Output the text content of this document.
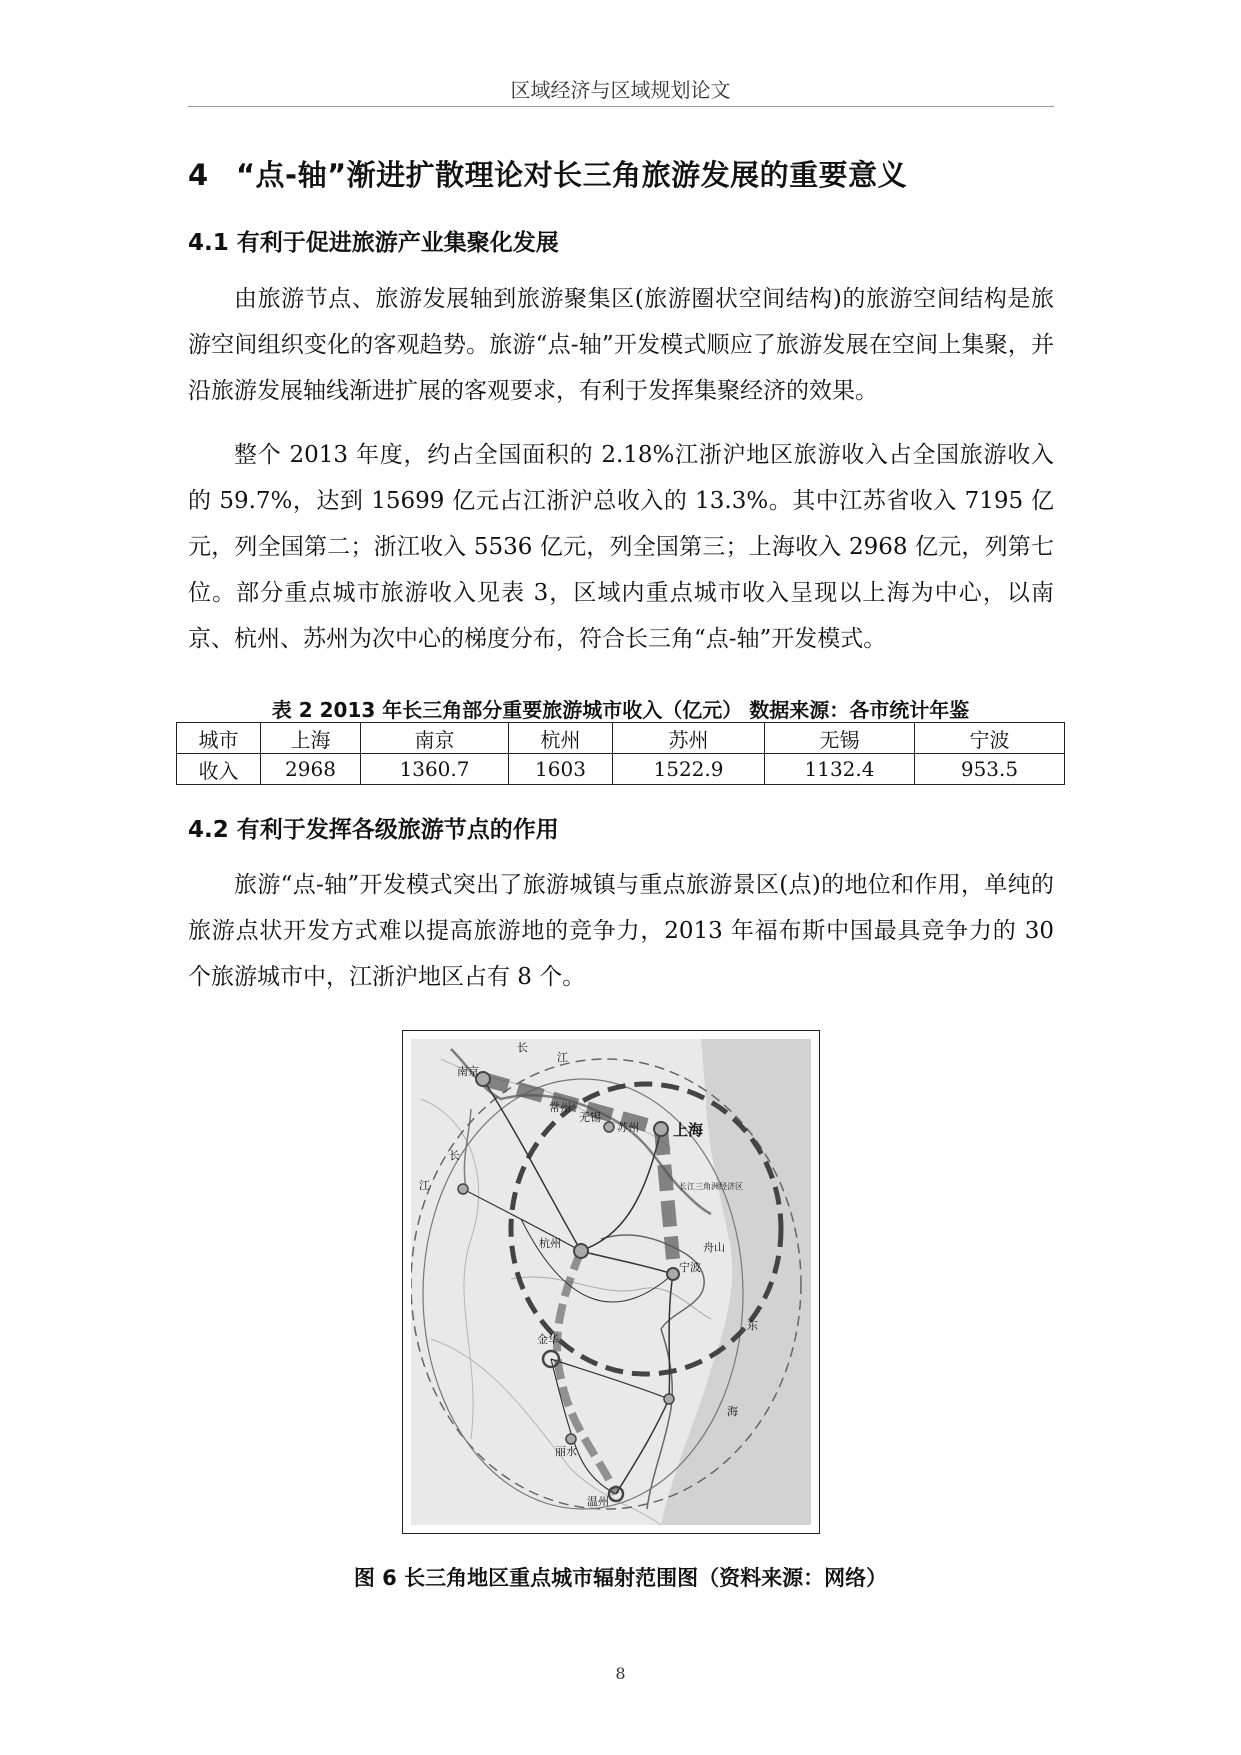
区域经济与区域规划论文
4 “点-轴”渐进扩散理论对长三角旅游发展的重要意义
4.1 有利于促进旅游产业集聚化发展

由旅游节点、旅游发展轴到旅游聚集区(旅游圈状空间结构)的旅游空间结构是旅游空间组织变化的客观趋势。旅游“点-轴”开发模式顺应了旅游发展在空间上集聚，并沿旅游发展轴线渐进扩展的客观要求，有利于发挥集聚经济的效果。

整个 2013 年度，约占全国面积的 2.18%江浙沪地区旅游收入占全国旅游收入的 59.7%，达到 15699 亿元占江浙沪总收入的 13.3%。其中江苏省收入 7195 亿元，列全国第二；浙江收入 5536 亿元，列全国第三；上海收入 2968 亿元，列第七位。部分重点城市旅游收入见表 3，区域内重点城市收入呈现以上海为中心，以南京、杭州、苏州为次中心的梯度分布，符合长三角“点-轴”开发模式。

表 2 2013 年长三角部分重要旅游城市收入（亿元） 数据来源：各市统计年鉴
城市	上海	南京	杭州	苏州	无锡	宁波
收入	2968	1360.7	1603	1522.9	1132.4	953.5
4.2 有利于发挥各级旅游节点的作用

旅游“点-轴”开发模式突出了旅游城镇与重点旅游景区(点)的地位和作用，单纯的旅游点状开发方式难以提高旅游地的竞争力，2013 年福布斯中国最具竞争力的 30 个旅游城市中，江浙沪地区占有 8 个。

南京
长
江
长
江
常州
无锡
苏州 上海
长江三角洲经济区
杭州
宁波
舟山
金华
丽水
温州
东
海
图 6 长三角地区重点城市辐射范围图（资料来源：网络）
8
